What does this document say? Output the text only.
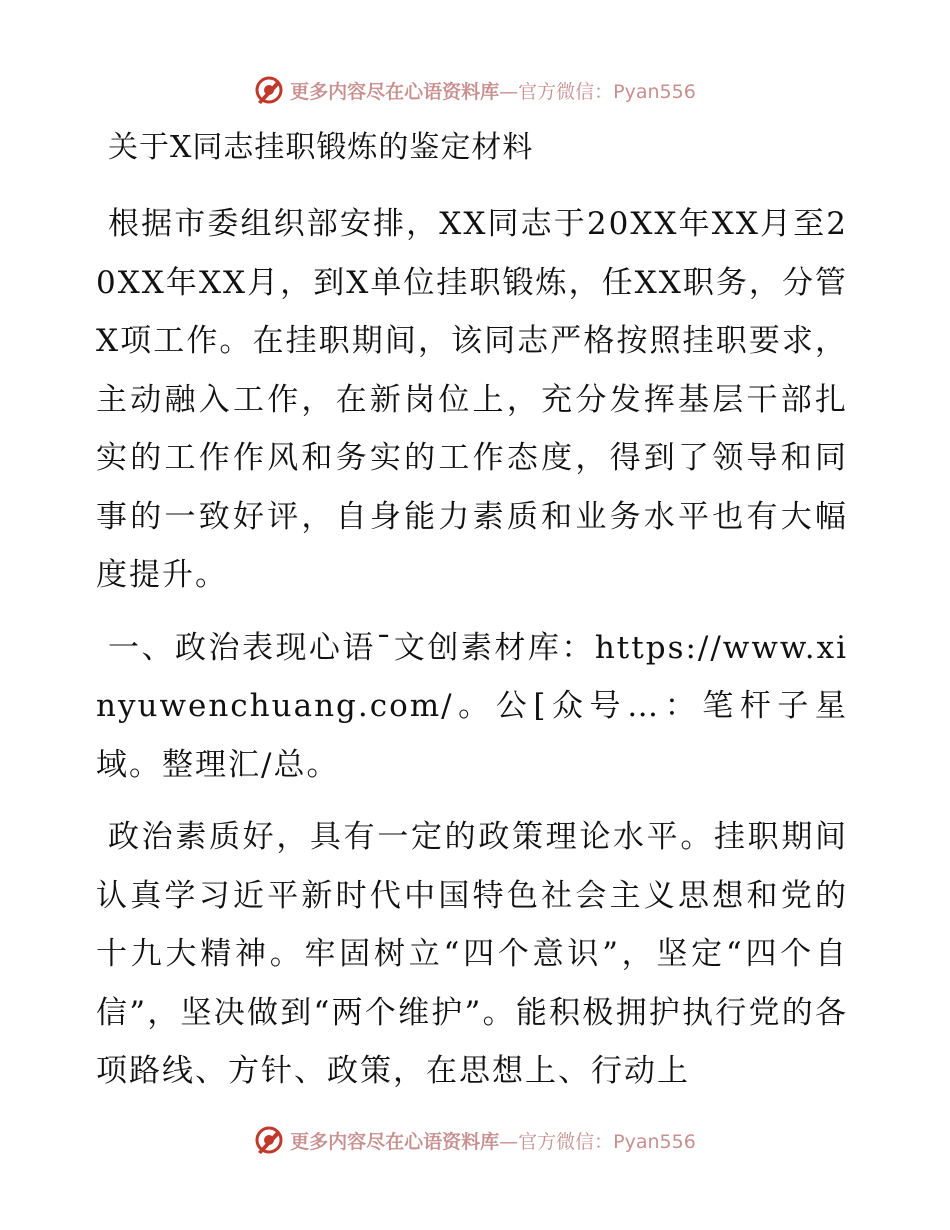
更多内容尽在心语资料库 —官方微信：Pyan556
关于X同志挂职锻炼的鉴定材料

根据市委组织部安排，XX同志于20XX年XX月至20XX年XX月，到X单位挂职锻炼，任XX职务，分管X项工作。在挂职期间，该同志严格按照挂职要求，主动融入工作，在新岗位上，充分发挥基层干部扎实的工作作风和务实的工作态度，得到了领导和同事的一致好评，自身能力素质和业务水平也有大幅度提升。

一、政治表现心语¯文创素材库：https://www.xinyuwenchuang.com/。公[众号…：笔杆子星域。整理汇/总。

政治素质好，具有一定的政策理论水平。挂职期间认真学习近平新时代中国特色社会主义思想和党的十九大精神。牢固树立“四个意识”，坚定“四个自信”，坚决做到“两个维护”。能积极拥护执行党的各项路线、方针、政策，在思想上、行动上

更多内容尽在心语资料库 —官方微信：Pyan556
